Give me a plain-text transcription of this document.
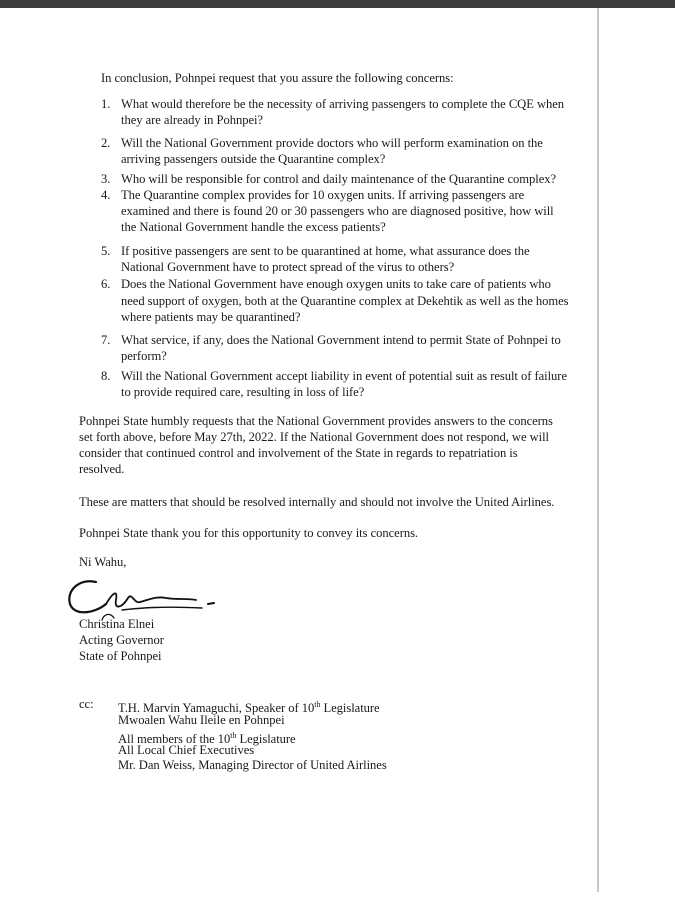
In conclusion, Pohnpei request that you assure the following concerns:
1. What would therefore be the necessity of arriving passengers to complete the CQE when
they are already in Pohnpei?
2. Will the National Government provide doctors who will perform examination on the
arriving passengers outside the Quarantine complex?
3. Who will be responsible for control and daily maintenance of the Quarantine complex?
4. The Quarantine complex provides for 10 oxygen units. If arriving passengers are
examined and there is found 20 or 30 passengers who are diagnosed positive, how will
the National Government handle the excess patients?
5. If positive passengers are sent to be quarantined at home, what assurance does the
National Government have to protect spread of the virus to others?
6. Does the National Government have enough oxygen units to take care of patients who
need support of oxygen, both at the Quarantine complex at Dekehtik as well as the homes
where patients may be quarantined?
7. What service, if any, does the National Government intend to permit State of Pohnpei to
perform?
8. Will the National Government accept liability in event of potential suit as result of failure
to provide required care, resulting in loss of life?
Pohnpei State humbly requests that the National Government provides answers to the concerns
set forth above, before May 27th, 2022. If the National Government does not respond, we will
consider that continued control and involvement of the State in regards to repatriation is
resolved.
These are matters that should be resolved internally and should not involve the United Airlines.
Pohnpei State thank you for this opportunity to convey its concerns.
Ni Wahu,
Christina Elnei
Acting Governor
State of Pohnpei
cc: T.H. Marvin Yamaguchi, Speaker of 10th Legislature
Mwoalen Wahu Ileile en Pohnpei
All members of the 10th Legislature
All Local Chief Executives
Mr. Dan Weiss, Managing Director of United Airlines
